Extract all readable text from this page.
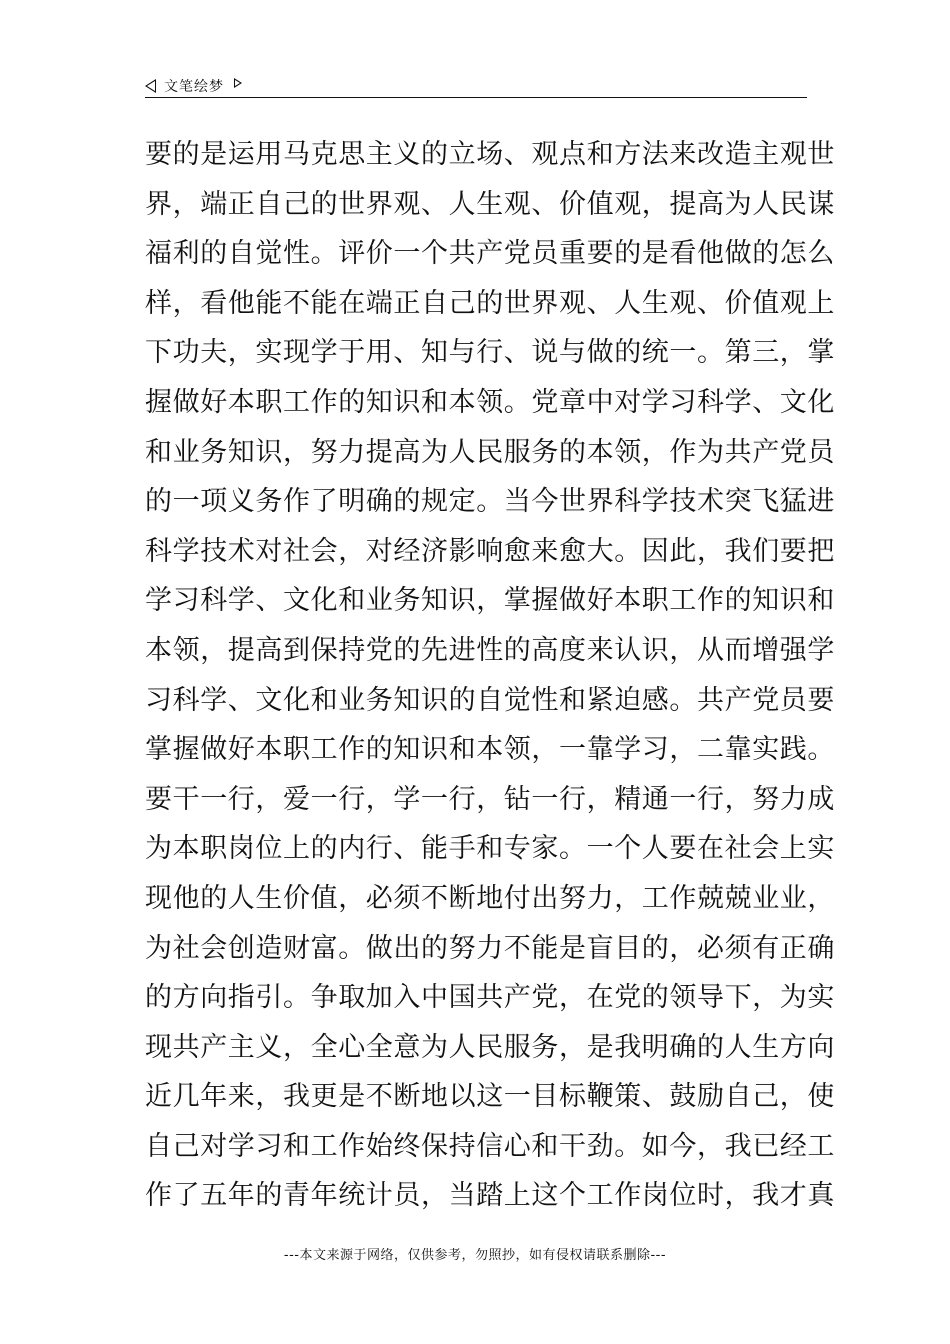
文笔绘梦
要的是运用马克思主义的立场、观点和方法来改造主观世
界，端正自己的世界观、人生观、价值观，提高为人民谋
福利的自觉性。评价一个共产党员重要的是看他做的怎么
样，看他能不能在端正自己的世界观、人生观、价值观上
下功夫，实现学于用、知与行、说与做的统一。第三，掌
握做好本职工作的知识和本领。党章中对学习科学、文化
和业务知识，努力提高为人民服务的本领，作为共产党员
的一项义务作了明确的规定。当今世界科学技术突飞猛进
科学技术对社会，对经济影响愈来愈大。因此，我们要把
学习科学、文化和业务知识，掌握做好本职工作的知识和
本领，提高到保持党的先进性的高度来认识，从而增强学
习科学、文化和业务知识的自觉性和紧迫感。共产党员要
掌握做好本职工作的知识和本领，一靠学习，二靠实践。
要干一行，爱一行，学一行，钻一行，精通一行，努力成
为本职岗位上的内行、能手和专家。一个人要在社会上实
现他的人生价值，必须不断地付出努力，工作兢兢业业，
为社会创造财富。做出的努力不能是盲目的，必须有正确
的方向指引。争取加入中国共产党，在党的领导下，为实
现共产主义，全心全意为人民服务，是我明确的人生方向
近几年来，我更是不断地以这一目标鞭策、鼓励自己，使
自己对学习和工作始终保持信心和干劲。如今，我已经工
作了五年的青年统计员，当踏上这个工作岗位时，我才真
---本文来源于网络，仅供参考，勿照抄，如有侵权请联系删除---
